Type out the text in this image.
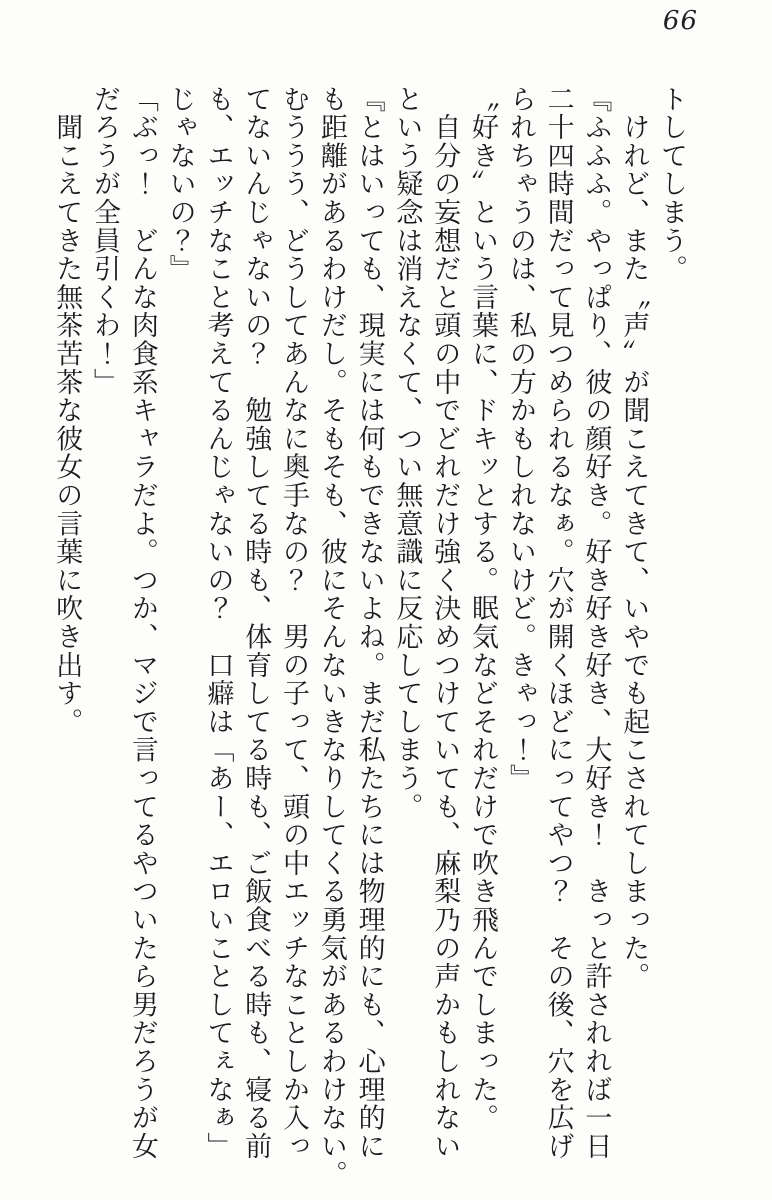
66
トしてしまう。
　けれど、また〝声〟が聞こえてきて、いやでも起こされてしまった。
『ふふふ。やっぱり、彼の顔好き。好き好き好き、大好き！　きっと許されれば一日
二十四時間だって見つめられるなぁ。穴が開くほどにってやつ？　その後、穴を広げ
られちゃうのは、私の方かもしれないけど。きゃっ！』
〝好き〟という言葉に、ドキッとする。眠気などそれだけで吹き飛んでしまった。
　自分の妄想だと頭の中でどれだけ強く決めつけていても、麻梨乃の声かもしれない
という疑念は消えなくて、つい無意識に反応してしまう。
『とはいっても、現実には何もできないよね。まだ私たちには物理的にも、心理的に
も距離があるわけだし。そもそも、彼にそんないきなりしてくる勇気があるわけない。
むううう、どうしてあんなに奥手なの？　男の子って、頭の中エッチなことしか入っ
てないんじゃないの？　勉強してる時も、体育してる時も、ご飯食べる時も、寝る前
も、エッチなこと考えてるんじゃないの？　口癖は「あー、エロいことしてぇなぁ」
じゃないの？』
「ぶっ！　どんな肉食系キャラだよ。つか、マジで言ってるやついたら男だろうが女
だろうが全員引くわ！」
　聞こえてきた無茶苦茶な彼女の言葉に吹き出す。
